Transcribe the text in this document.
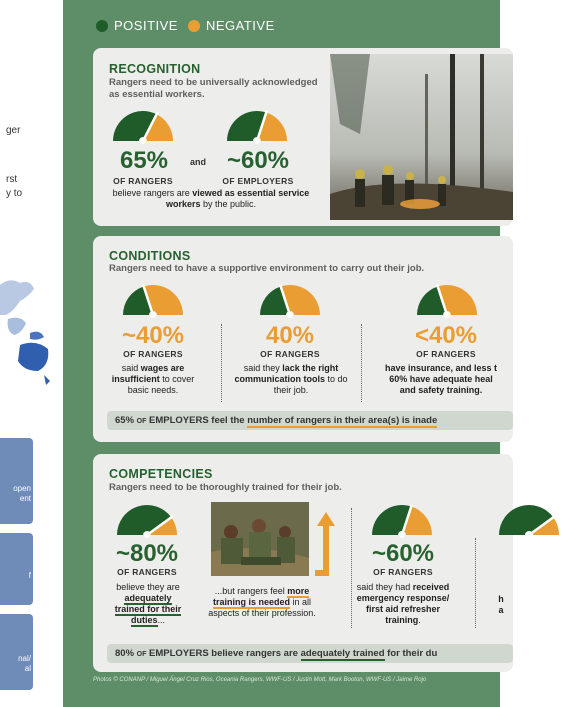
ger
rst
y to
open
ent
f
nal/
al
POSITIVE NEGATIVE
RECOGNITION
Rangers need to be universally acknowledged as essential workers.
65%
OF RANGERS
and ~60%
OF EMPLOYERS
believe rangers are viewed as essential service workers by the public.
CONDITIONS
Rangers need to have a supportive environment to carry out their job.
~40%
OF RANGERS
said wages are insufficient to cover basic needs.
40%
OF RANGERS
said they lack the right communication tools to do their job.
<40%
OF RANGERS
have insurance, and less t
60% have adequate heal
and safety training.
65% of EMPLOYERS feel the number of rangers in their area(s) is inade
COMPETENCIES
Rangers need to be thoroughly trained for their job.
~80%
OF RANGERS
believe they are adequately trained for their duties...
...but rangers feel more training is needed in all aspects of their profession.
~60%
OF RANGERS
said they had received emergency response/ first aid refresher training.
h
a
80% of EMPLOYERS believe rangers are adequately trained for their du
Photos © CONANP / Miguel Ángel Cruz Rios, Oceania Rangers, WWF-US / Justin Mott, Mark Booton, WWF-US / Jaime Rojo
